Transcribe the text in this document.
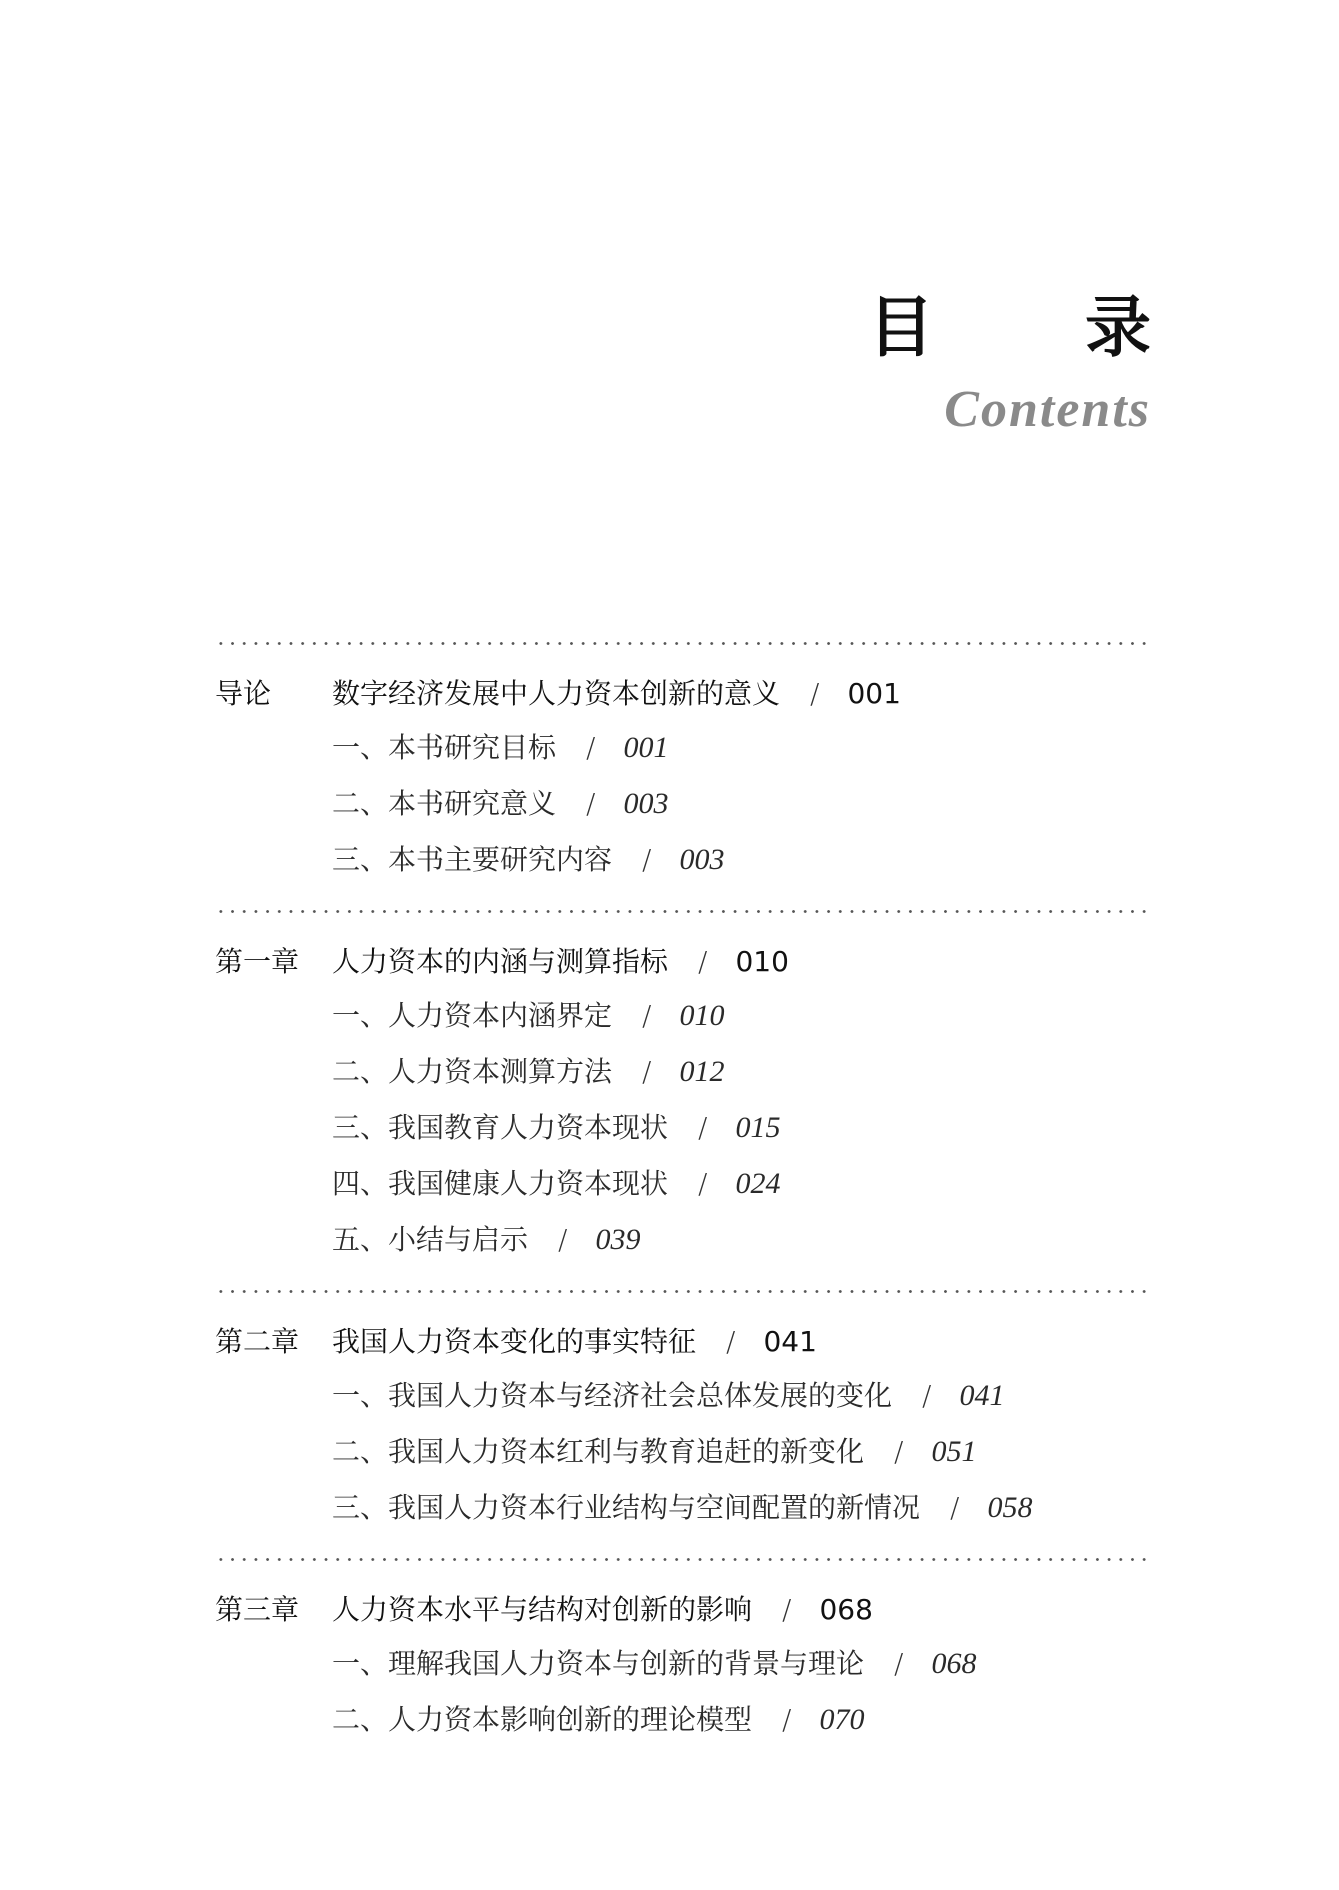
目 录
Contents
导论	数字经济发展中人力资本创新的意义	/	001
一、本书研究目标	/ 001
二、本书研究意义	/ 003
三、本书主要研究内容	/ 003
第一章	人力资本的内涵与测算指标	/	010
一、人力资本内涵界定	/ 010
二、人力资本测算方法	/ 012
三、我国教育人力资本现状	/ 015
四、我国健康人力资本现状	/ 024
五、小结与启示	/ 039
第二章	我国人力资本变化的事实特征	/	041
一、我国人力资本与经济社会总体发展的变化	/ 041
二、我国人力资本红利与教育追赶的新变化	/ 051
三、我国人力资本行业结构与空间配置的新情况	/ 058
第三章	人力资本水平与结构对创新的影响	/	068
一、理解我国人力资本与创新的背景与理论	/ 068
二、人力资本影响创新的理论模型	/ 070
